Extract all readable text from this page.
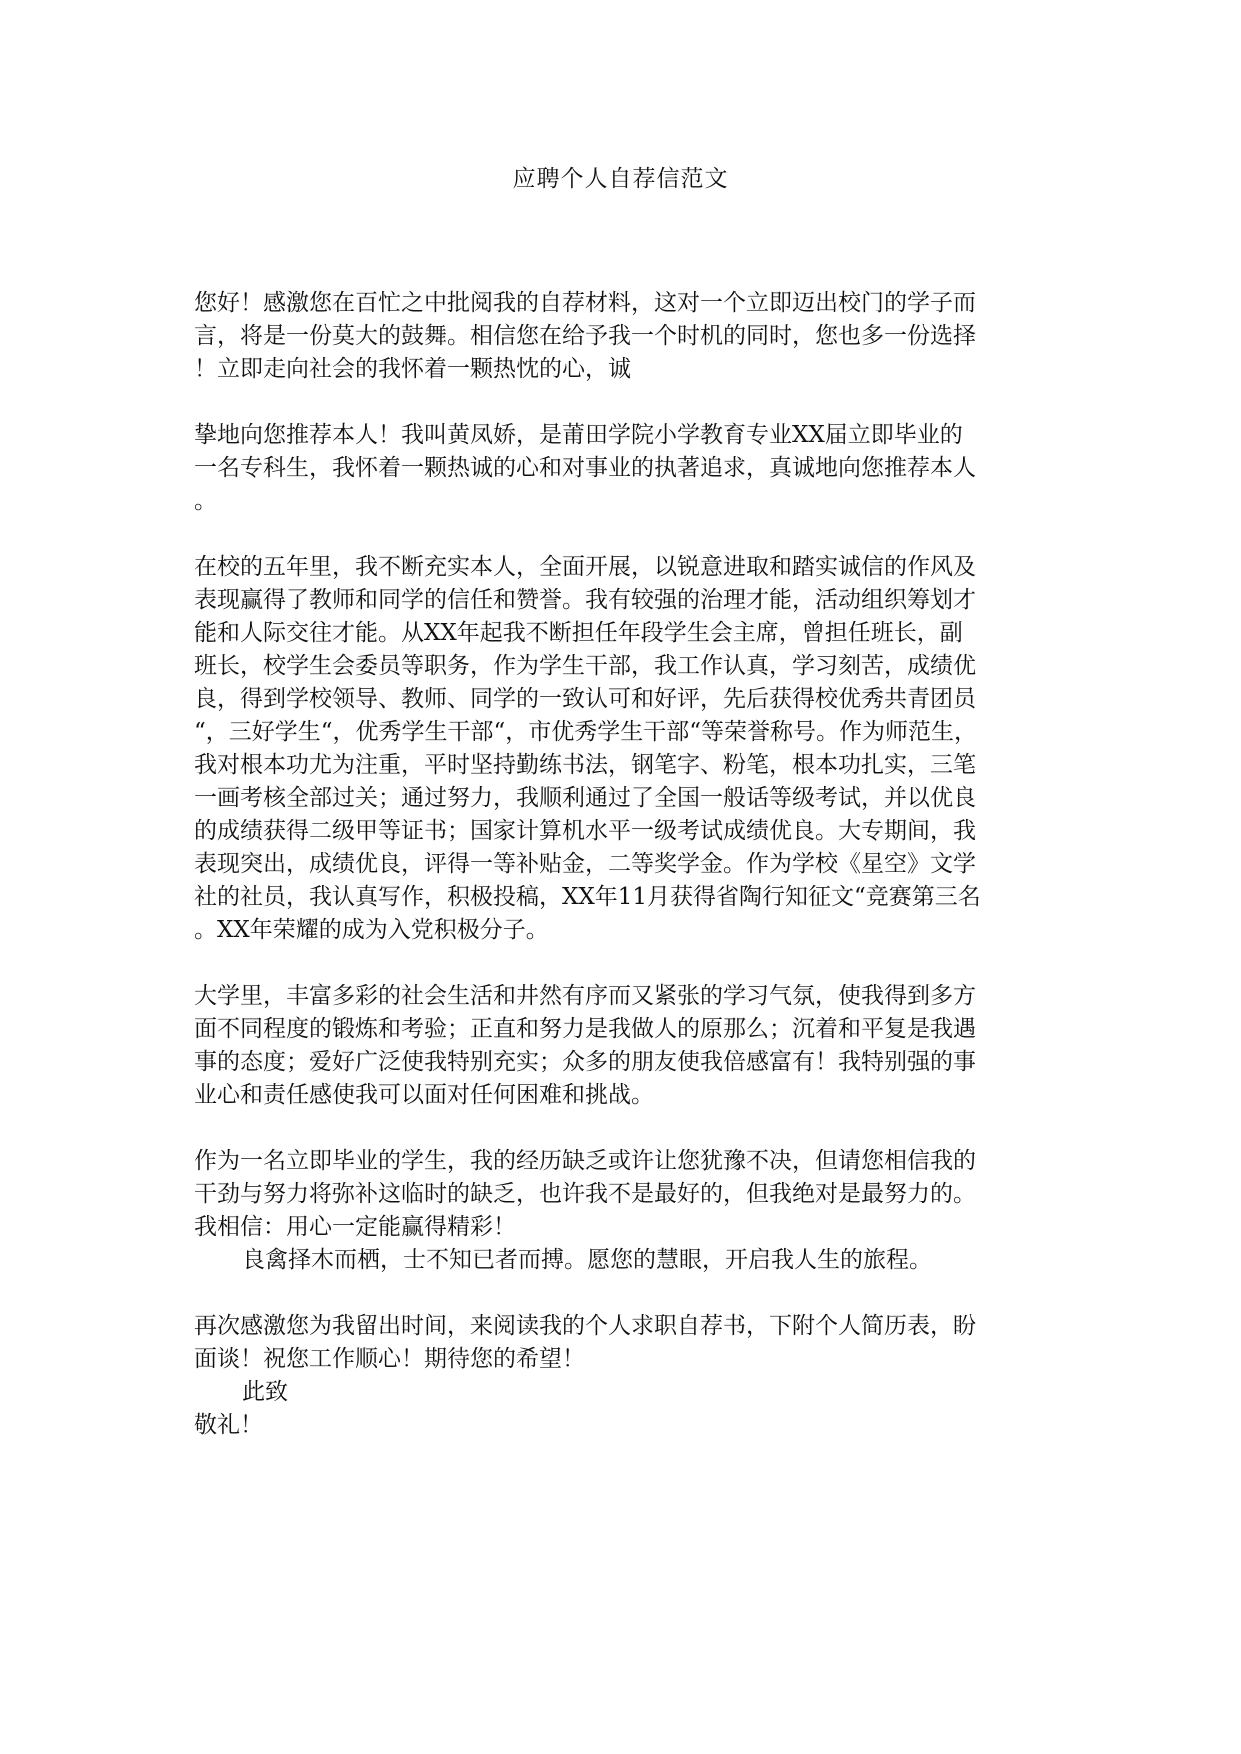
应聘个人自荐信范文
您好！感激您在百忙之中批阅我的自荐材料，这对一个立即迈出校门的学子而
言，将是一份莫大的鼓舞。相信您在给予我一个时机的同时，您也多一份选择
！立即走向社会的我怀着一颗热忱的心，诚
挚地向您推荐本人！我叫黄凤娇，是莆田学院小学教育专业XX届立即毕业的
一名专科生，我怀着一颗热诚的心和对事业的执著追求，真诚地向您推荐本人
。
在校的五年里，我不断充实本人，全面开展，以锐意进取和踏实诚信的作风及
表现赢得了教师和同学的信任和赞誉。我有较强的治理才能，活动组织筹划才
能和人际交往才能。从XX年起我不断担任年段学生会主席，曾担任班长，副
班长，校学生会委员等职务，作为学生干部，我工作认真，学习刻苦，成绩优
良，得到学校领导、教师、同学的一致认可和好评，先后获得校优秀共青团员
“，三好学生“，优秀学生干部“，市优秀学生干部“等荣誉称号。作为师范生，
我对根本功尤为注重，平时坚持勤练书法，钢笔字、粉笔，根本功扎实，三笔
一画考核全部过关；通过努力，我顺利通过了全国一般话等级考试，并以优良
的成绩获得二级甲等证书；国家计算机水平一级考试成绩优良。大专期间，我
表现突出，成绩优良，评得一等补贴金，二等奖学金。作为学校《星空》文学
社的社员，我认真写作，积极投稿，XX年11月获得省陶行知征文“竞赛第三名
。XX年荣耀的成为入党积极分子。
大学里，丰富多彩的社会生活和井然有序而又紧张的学习气氛，使我得到多方
面不同程度的锻炼和考验；正直和努力是我做人的原那么；沉着和平复是我遇
事的态度；爱好广泛使我特别充实；众多的朋友使我倍感富有！我特别强的事
业心和责任感使我可以面对任何困难和挑战。
作为一名立即毕业的学生，我的经历缺乏或许让您犹豫不决，但请您相信我的
干劲与努力将弥补这临时的缺乏，也许我不是最好的，但我绝对是最努力的。
我相信：用心一定能赢得精彩！
良禽择木而栖，士不知已者而搏。愿您的慧眼，开启我人生的旅程。
再次感激您为我留出时间，来阅读我的个人求职自荐书，下附个人简历表，盼
面谈！祝您工作顺心！期待您的希望！
此致
敬礼！
